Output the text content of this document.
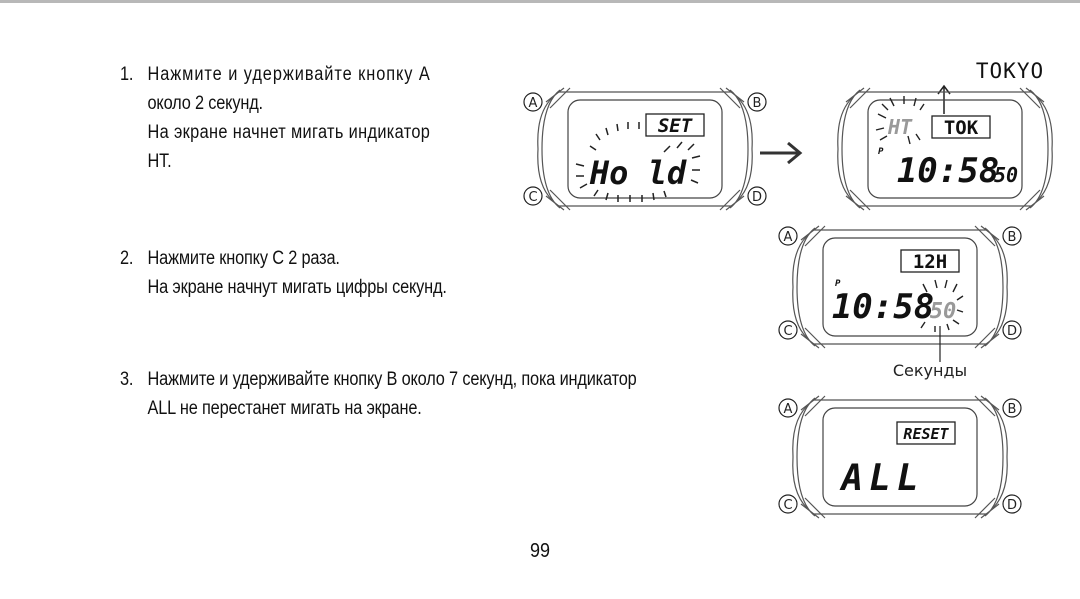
1. Нажмите и удерживайте кнопку A
около 2 секунд.
На экране начнет мигать индикатор
HT.
2. Нажмите кнопку C 2 раза.
На экране начнут мигать цифры секунд.
3. Нажмите и удерживайте кнопку B около 7 секунд, пока индикатор
ALL не перестанет мигать на экране.
A	B
C	D
SET
Ho ld
TOKYO
HT TOK
P 10:58
50
A	B
C	D
12H
P
10:58
50
Секунды
A	B
C	D
RESET
ALL
99
